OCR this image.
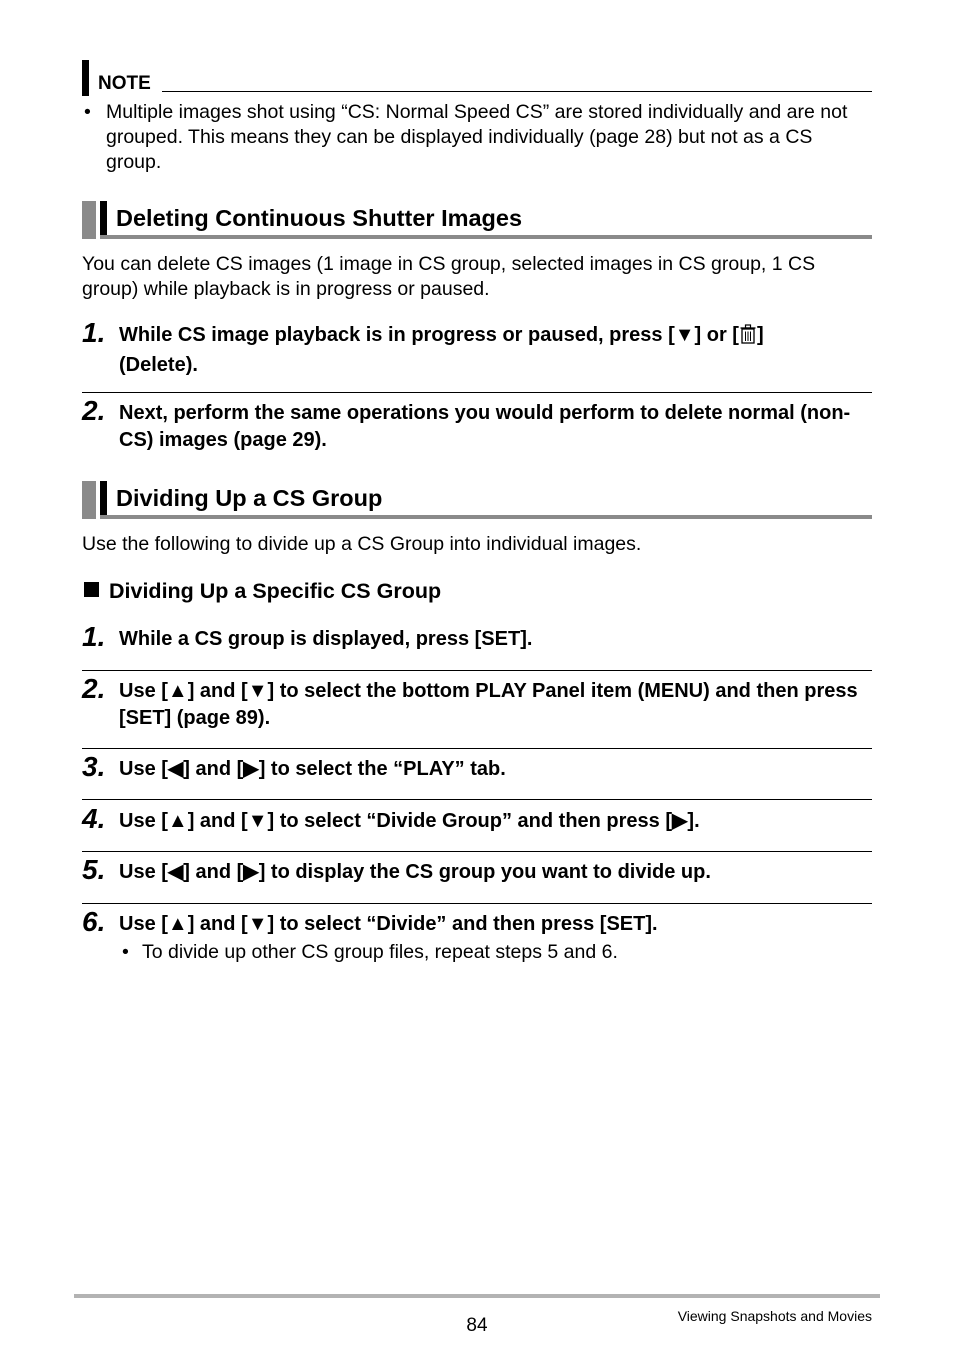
NOTE
• Multiple images shot using “CS: Normal Speed CS” are stored individually and are not grouped. This means they can be displayed individually (page 28) but not as a CS group.
Deleting Continuous Shutter Images
You can delete CS images (1 image in CS group, selected images in CS group, 1 CS group) while playback is in progress or paused.
1. While CS image playback is in progress or paused, press [▼] or [ ]
(Delete).
2. Next, perform the same operations you would perform to delete normal (non-CS) images (page 29).
Dividing Up a CS Group
Use the following to divide up a CS Group into individual images.
Dividing Up a Specific CS Group
1. While a CS group is displayed, press [SET].
2. Use [▲] and [▼] to select the bottom PLAY Panel item (MENU) and then press [SET] (page 89).
3. Use [◀] and [▶] to select the “PLAY” tab.
4. Use [▲] and [▼] to select “Divide Group” and then press [▶].
5. Use [◀] and [▶] to display the CS group you want to divide up.
6. Use [▲] and [▼] to select “Divide” and then press [SET].
• To divide up other CS group files, repeat steps 5 and 6.
84	Viewing Snapshots and Movies
